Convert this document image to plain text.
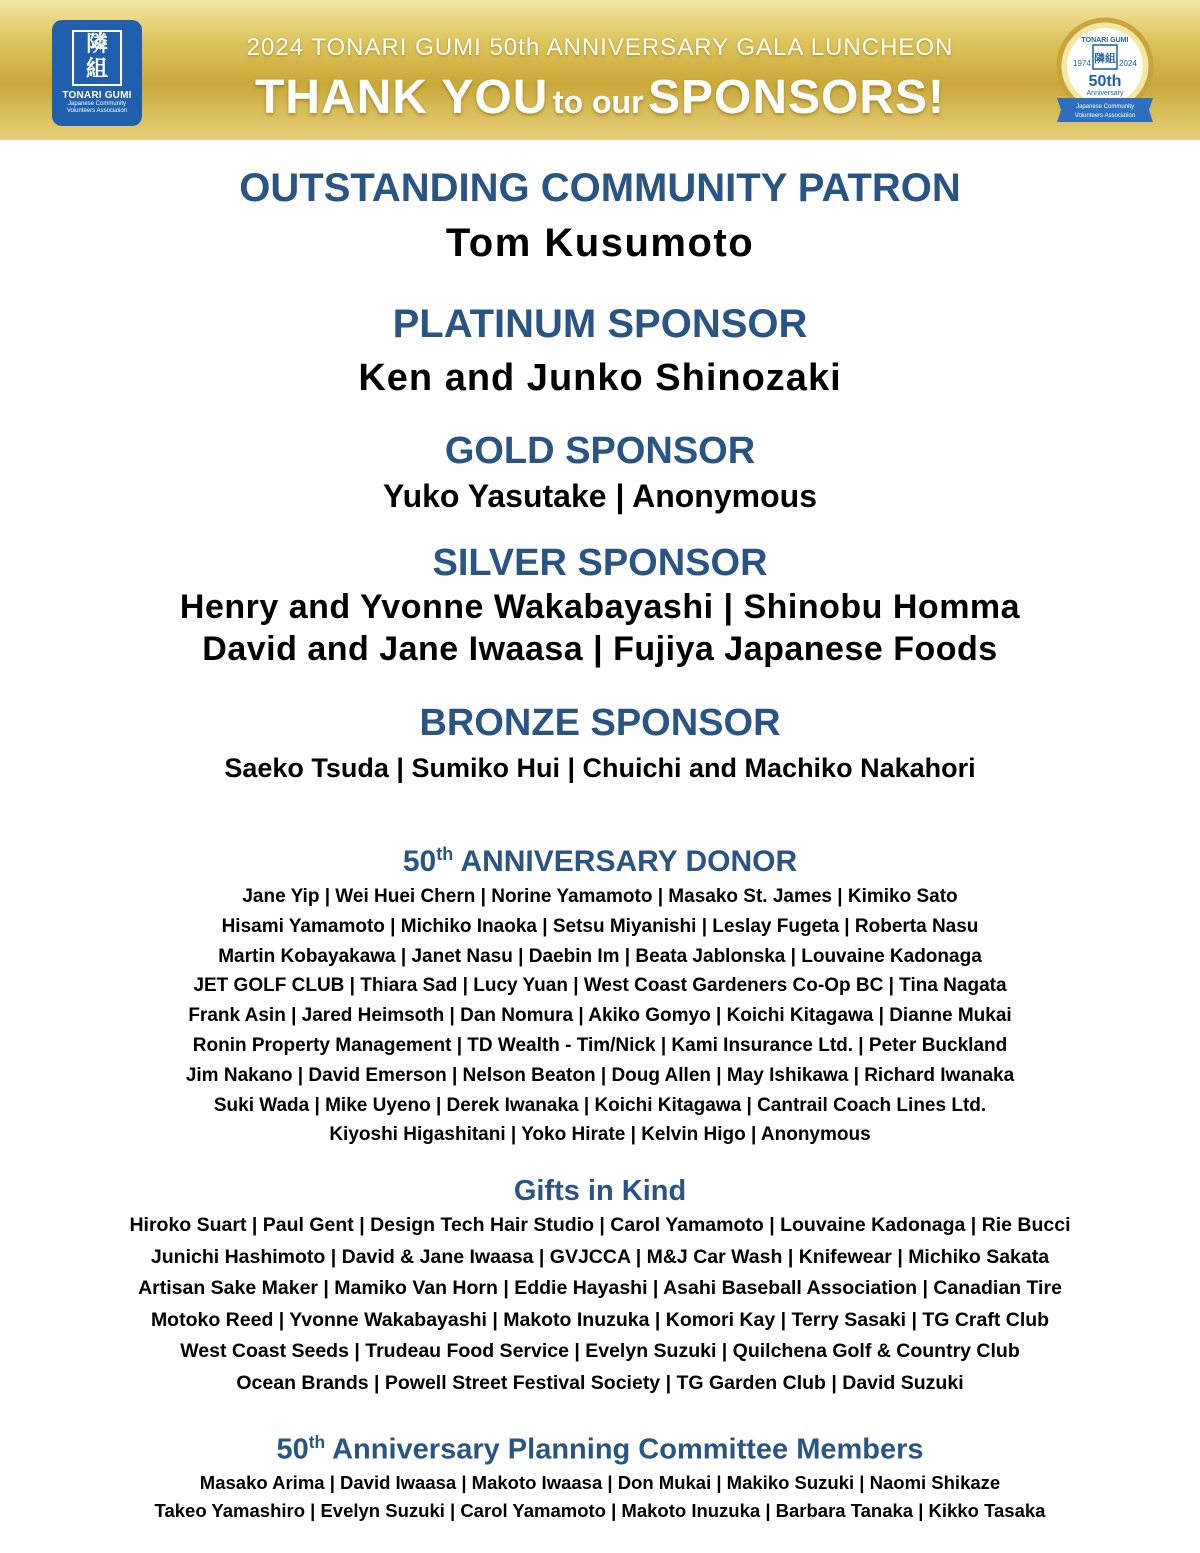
隣
組
TONARI GUMI
Japanese Community
Volunteers Association
2024 TONARI GUMI 50th ANNIVERSARY GALA LUNCHEON
THANK YOU to our SPONSORS!
TONARI GUMI
隣組
1974	2024
50th
Anniversary
Japanese Community
Volunteers Association
OUTSTANDING COMMUNITY PATRON

Tom Kusumoto

PLATINUM SPONSOR

Ken and Junko Shinozaki

GOLD SPONSOR

Yuko Yasutake | Anonymous

SILVER SPONSOR

Henry and Yvonne Wakabayashi | Shinobu Homma

David and Jane Iwaasa | Fujiya Japanese Foods

BRONZE SPONSOR

Saeko Tsuda | Sumiko Hui | Chuichi and Machiko Nakahori

50th ANNIVERSARY DONOR

Jane Yip | Wei Huei Chern | Norine Yamamoto | Masako St. James | Kimiko Sato

Hisami Yamamoto | Michiko Inaoka | Setsu Miyanishi | Leslay Fugeta | Roberta Nasu

Martin Kobayakawa | Janet Nasu | Daebin Im | Beata Jablonska | Louvaine Kadonaga

JET GOLF CLUB | Thiara Sad | Lucy Yuan | West Coast Gardeners Co-Op BC | Tina Nagata

Frank Asin | Jared Heimsoth | Dan Nomura | Akiko Gomyo | Koichi Kitagawa | Dianne Mukai

Ronin Property Management | TD Wealth - Tim/Nick | Kami Insurance Ltd. | Peter Buckland

Jim Nakano | David Emerson | Nelson Beaton | Doug Allen | May Ishikawa | Richard Iwanaka

Suki Wada | Mike Uyeno | Derek Iwanaka | Koichi Kitagawa | Cantrail Coach Lines Ltd.

Kiyoshi Higashitani | Yoko Hirate | Kelvin Higo | Anonymous

Gifts in Kind

Hiroko Suart | Paul Gent | Design Tech Hair Studio | Carol Yamamoto | Louvaine Kadonaga | Rie Bucci

Junichi Hashimoto | David & Jane Iwaasa | GVJCCA | M&J Car Wash | Knifewear | Michiko Sakata

Artisan Sake Maker | Mamiko Van Horn | Eddie Hayashi | Asahi Baseball Association | Canadian Tire

Motoko Reed | Yvonne Wakabayashi | Makoto Inuzuka | Komori Kay | Terry Sasaki | TG Craft Club

West Coast Seeds | Trudeau Food Service | Evelyn Suzuki | Quilchena Golf & Country Club

Ocean Brands | Powell Street Festival Society | TG Garden Club | David Suzuki

50th Anniversary Planning Committee Members

Masako Arima | David Iwaasa | Makoto Iwaasa | Don Mukai | Makiko Suzuki | Naomi Shikaze

Takeo Yamashiro | Evelyn Suzuki | Carol Yamamoto | Makoto Inuzuka | Barbara Tanaka | Kikko Tasaka
